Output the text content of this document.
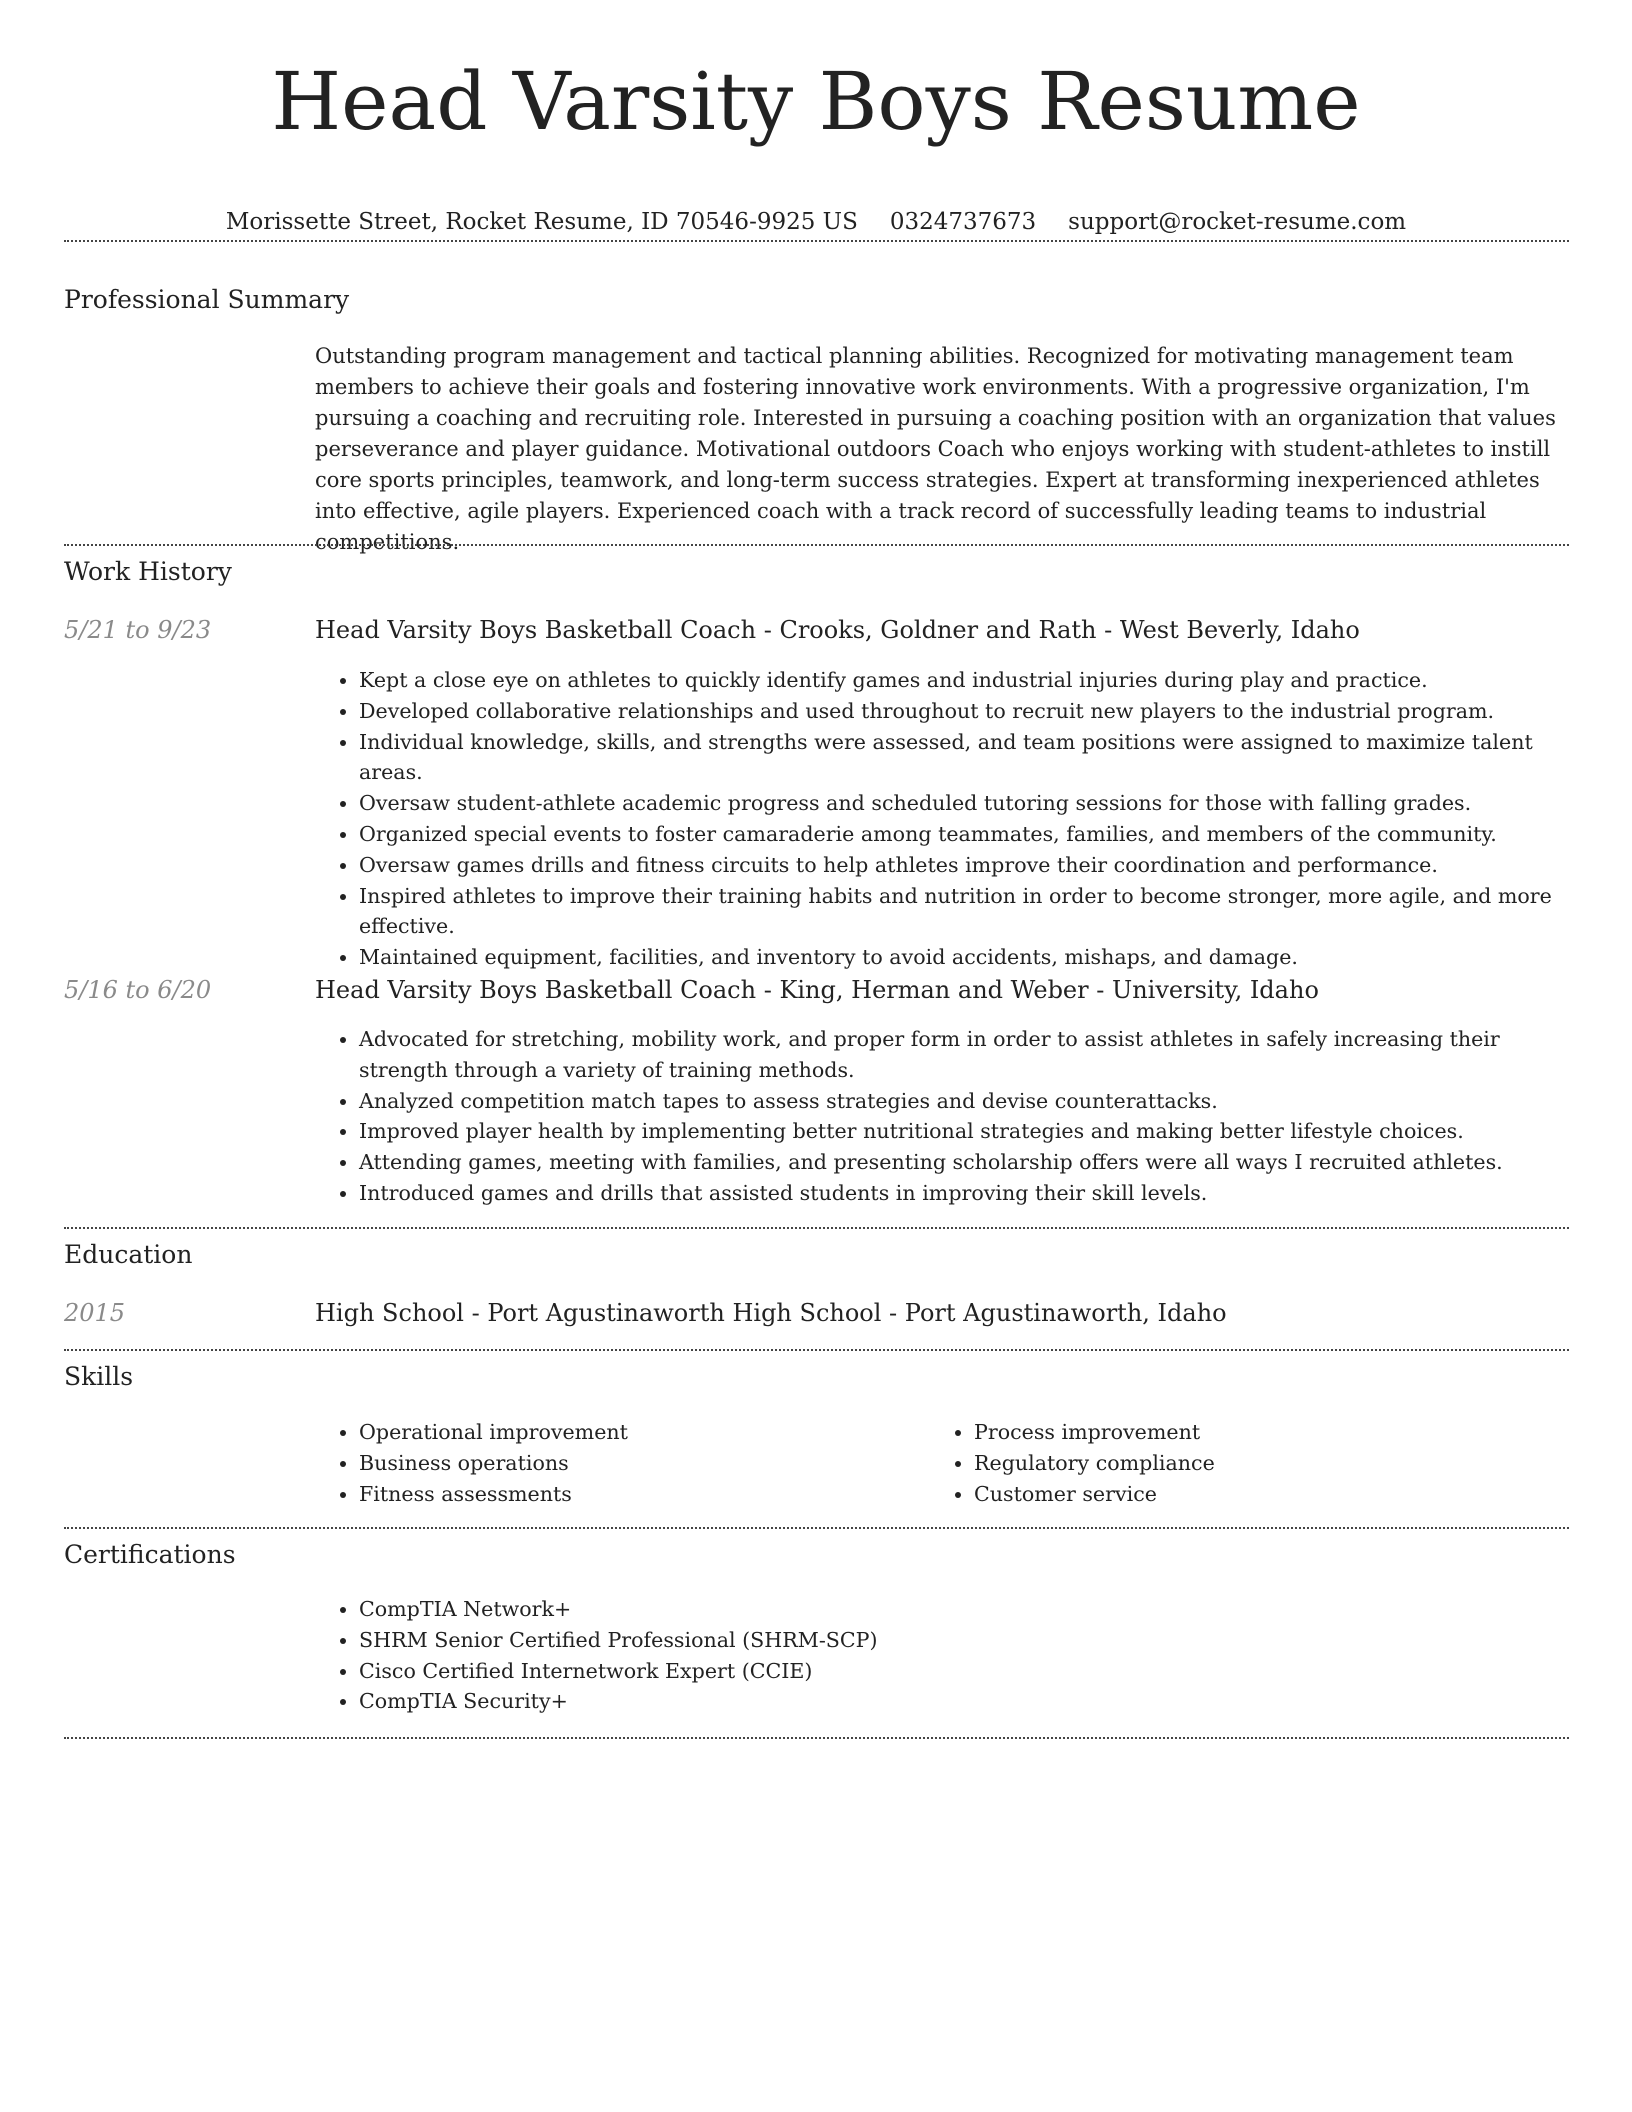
Head Varsity Boys Resume
Morissette Street, Rocket Resume, ID 70546-9925 US 0324737673 support@rocket-resume.com
Professional Summary
Outstanding program management and tactical planning abilities. Recognized for motivating management team members to achieve their goals and fostering innovative work environments. With a progressive organization, I'm pursuing a coaching and recruiting role. Interested in pursuing a coaching position with an organization that values perseverance and player guidance. Motivational outdoors Coach who enjoys working with student-athletes to instill core sports principles, teamwork, and long-term success strategies. Expert at transforming inexperienced athletes into effective, agile players. Experienced coach with a track record of successfully leading teams to industrial competitions.
Work History
5/21 to 9/23	Head Varsity Boys Basketball Coach - Crooks, Goldner and Rath - West Beverly, Idaho
• Kept a close eye on athletes to quickly identify games and industrial injuries during play and practice.
• Developed collaborative relationships and used throughout to recruit new players to the industrial program.
• Individual knowledge, skills, and strengths were assessed, and team positions were assigned to maximize talent areas.
• Oversaw student-athlete academic progress and scheduled tutoring sessions for those with falling grades.
• Organized special events to foster camaraderie among teammates, families, and members of the community.
• Oversaw games drills and fitness circuits to help athletes improve their coordination and performance.
• Inspired athletes to improve their training habits and nutrition in order to become stronger, more agile, and more effective.
• Maintained equipment, facilities, and inventory to avoid accidents, mishaps, and damage.
5/16 to 6/20	Head Varsity Boys Basketball Coach - King, Herman and Weber - University, Idaho
• Advocated for stretching, mobility work, and proper form in order to assist athletes in safely increasing their strength through a variety of training methods.
• Analyzed competition match tapes to assess strategies and devise counterattacks.
• Improved player health by implementing better nutritional strategies and making better lifestyle choices.
• Attending games, meeting with families, and presenting scholarship offers were all ways I recruited athletes.
• Introduced games and drills that assisted students in improving their skill levels.
Education
2015	High School - Port Agustinaworth High School - Port Agustinaworth, Idaho
Skills
• Operational improvement
• Business operations
• Fitness assessments
• Process improvement
• Regulatory compliance
• Customer service
Certifications
• CompTIA Network+
• SHRM Senior Certified Professional (SHRM-SCP)
• Cisco Certified Internetwork Expert (CCIE)
• CompTIA Security+
